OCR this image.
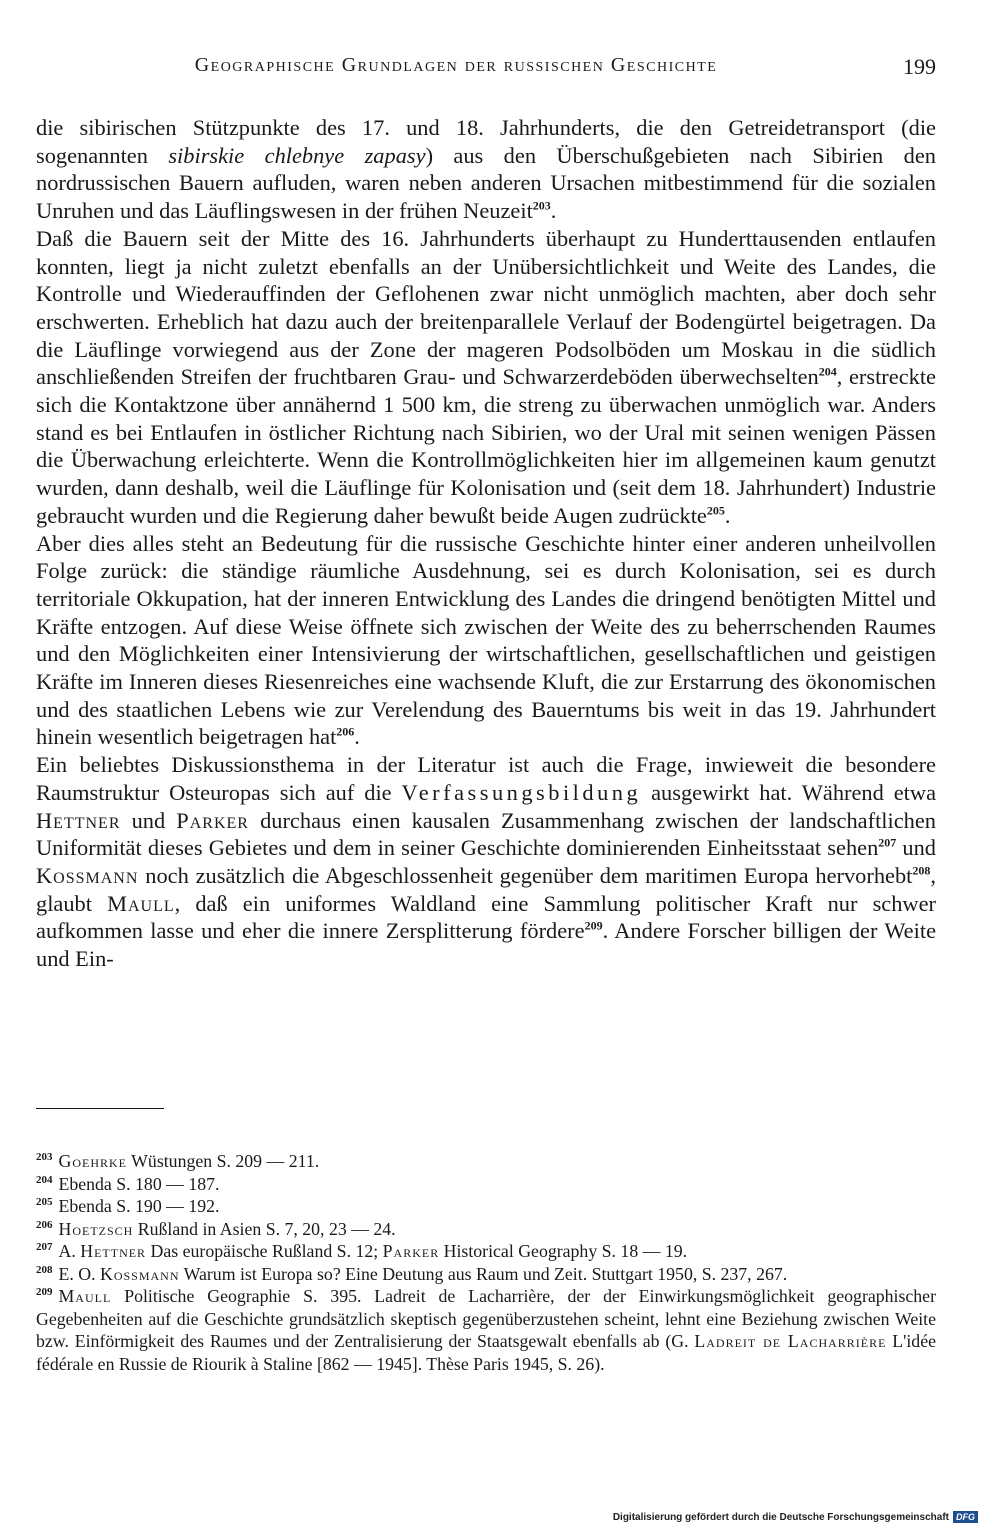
Geographische Grundlagen der russischen Geschichte	199

die sibirischen Stützpunkte des 17. und 18. Jahrhunderts, die den Getreidetransport (die sogenannten sibirskie chlebnye zapasy) aus den Überschußgebieten nach Sibirien den nordrussischen Bauern aufluden, waren neben anderen Ursachen mitbestimmend für die sozialen Unruhen und das Läuflingswesen in der frühen Neuzeit$^{203}$.

Daß die Bauern seit der Mitte des 16. Jahrhunderts überhaupt zu Hunderttausenden entlaufen konnten, liegt ja nicht zuletzt ebenfalls an der Unübersichtlichkeit und Weite des Landes, die Kontrolle und Wiederauffinden der Geflohenen zwar nicht unmöglich machten, aber doch sehr erschwerten. Erheblich hat dazu auch der breitenparallele Verlauf der Bodengürtel beigetragen. Da die Läuflinge vorwiegend aus der Zone der mageren Podsolböden um Moskau in die südlich anschließenden Streifen der fruchtbaren Grau- und Schwarzerdeböden überwechselten$^{204}$, erstreckte sich die Kontaktzone über annähernd 1 500 km, die streng zu überwachen unmöglich war. Anders stand es bei Entlaufen in östlicher Richtung nach Sibirien, wo der Ural mit seinen wenigen Pässen die Überwachung erleichterte. Wenn die Kontrollmöglichkeiten hier im allgemeinen kaum genutzt wurden, dann deshalb, weil die Läuflinge für Kolonisation und (seit dem 18. Jahrhundert) Industrie gebraucht wurden und die Regierung daher bewußt beide Augen zudrückte$^{205}$.

Aber dies alles steht an Bedeutung für die russische Geschichte hinter einer anderen unheilvollen Folge zurück: die ständige räumliche Ausdehnung, sei es durch Kolonisation, sei es durch territoriale Okkupation, hat der inneren Entwicklung des Landes die dringend benötigten Mittel und Kräfte entzogen. Auf diese Weise öffnete sich zwischen der Weite des zu beherrschenden Raumes und den Möglichkeiten einer Intensivierung der wirtschaftlichen, gesellschaftlichen und geistigen Kräfte im Inneren dieses Riesenreiches eine wachsende Kluft, die zur Erstarrung des ökonomischen und des staatlichen Lebens wie zur Verelendung des Bauerntums bis weit in das 19. Jahrhundert hinein wesentlich beigetragen hat$^{206}$.

Ein beliebtes Diskussionsthema in der Literatur ist auch die Frage, inwieweit die besondere Raumstruktur Osteuropas sich auf die Verfassungsbildung ausgewirkt hat. Während etwa Hettner und Parker durchaus einen kausalen Zusammenhang zwischen der landschaftlichen Uniformität dieses Gebietes und dem in seiner Geschichte dominierenden Einheitsstaat sehen$^{207}$ und Kossmann noch zusätzlich die Abgeschlossenheit gegenüber dem maritimen Europa hervorhebt$^{208}$, glaubt Maull, daß ein uniformes Waldland eine Sammlung politischer Kraft nur schwer aufkommen lasse und eher die innere Zersplitterung fördere$^{209}$. Andere Forscher billigen der Weite und Ein-

$^{203}$ Goehrke Wüstungen S. 209 — 211.

$^{204}$ Ebenda S. 180 — 187.

$^{205}$ Ebenda S. 190 — 192.

$^{206}$ Hoetzsch Rußland in Asien S. 7, 20, 23 — 24.

$^{207}$ A. Hettner Das europäische Rußland S. 12; Parker Historical Geography S. 18 — 19.

$^{208}$ E. O. Kossmann Warum ist Europa so? Eine Deutung aus Raum und Zeit. Stuttgart 1950, S. 237, 267.

$^{209}$ Maull Politische Geographie S. 395. Ladreit de Lacharrière, der der Einwirkungsmöglichkeit geographischer Gegebenheiten auf die Geschichte grundsätzlich skeptisch gegenüberzustehen scheint, lehnt eine Beziehung zwischen Weite bzw. Einförmigkeit des Raumes und der Zentralisierung der Staatsgewalt ebenfalls ab (G. Ladreit de Lacharrière L'idée fédérale en Russie de Riourik à Staline [862 — 1945]. Thèse Paris 1945, S. 26).

Digitalisierung gefördert durch die Deutsche Forschungsgemeinschaft DFG
